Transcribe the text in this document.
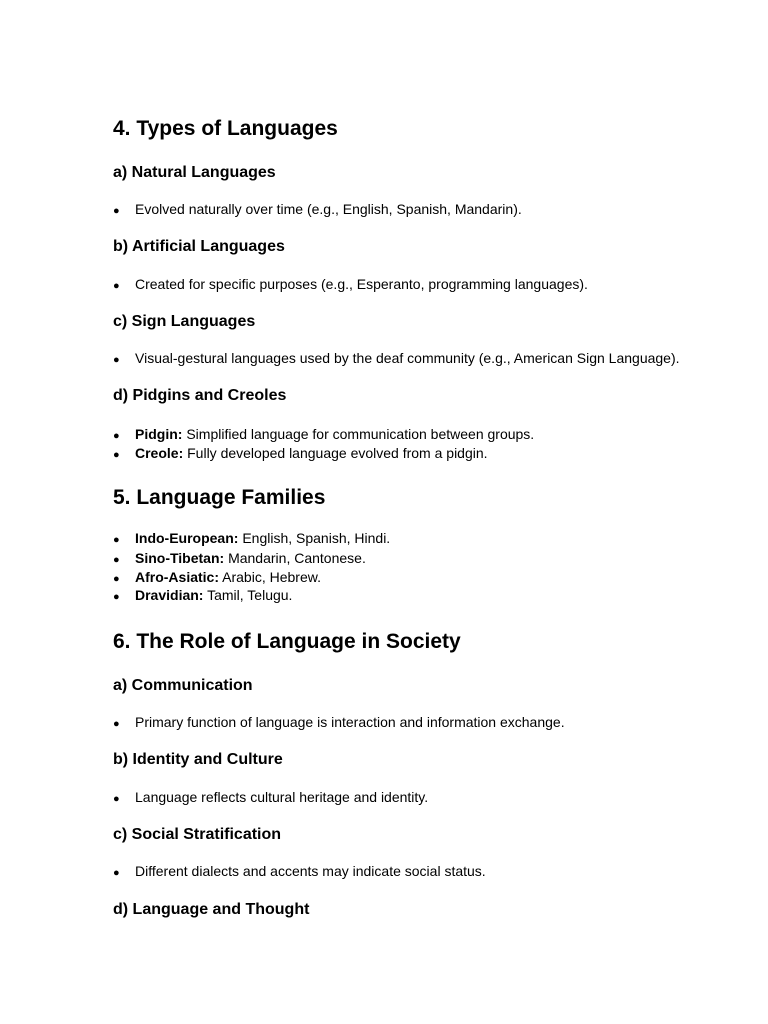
4. Types of Languages
a) Natural Languages
● Evolved naturally over time (e.g., English, Spanish, Mandarin).
b) Artificial Languages
● Created for specific purposes (e.g., Esperanto, programming languages).
c) Sign Languages
● Visual-gestural languages used by the deaf community (e.g., American Sign Language).
d) Pidgins and Creoles
● Pidgin: Simplified language for communication between groups.
● Creole: Fully developed language evolved from a pidgin.
5. Language Families
● Indo-European: English, Spanish, Hindi.
● Sino-Tibetan: Mandarin, Cantonese.
● Afro-Asiatic: Arabic, Hebrew.
● Dravidian: Tamil, Telugu.
6. The Role of Language in Society
a) Communication
● Primary function of language is interaction and information exchange.
b) Identity and Culture
● Language reflects cultural heritage and identity.
c) Social Stratification
● Different dialects and accents may indicate social status.
d) Language and Thought
